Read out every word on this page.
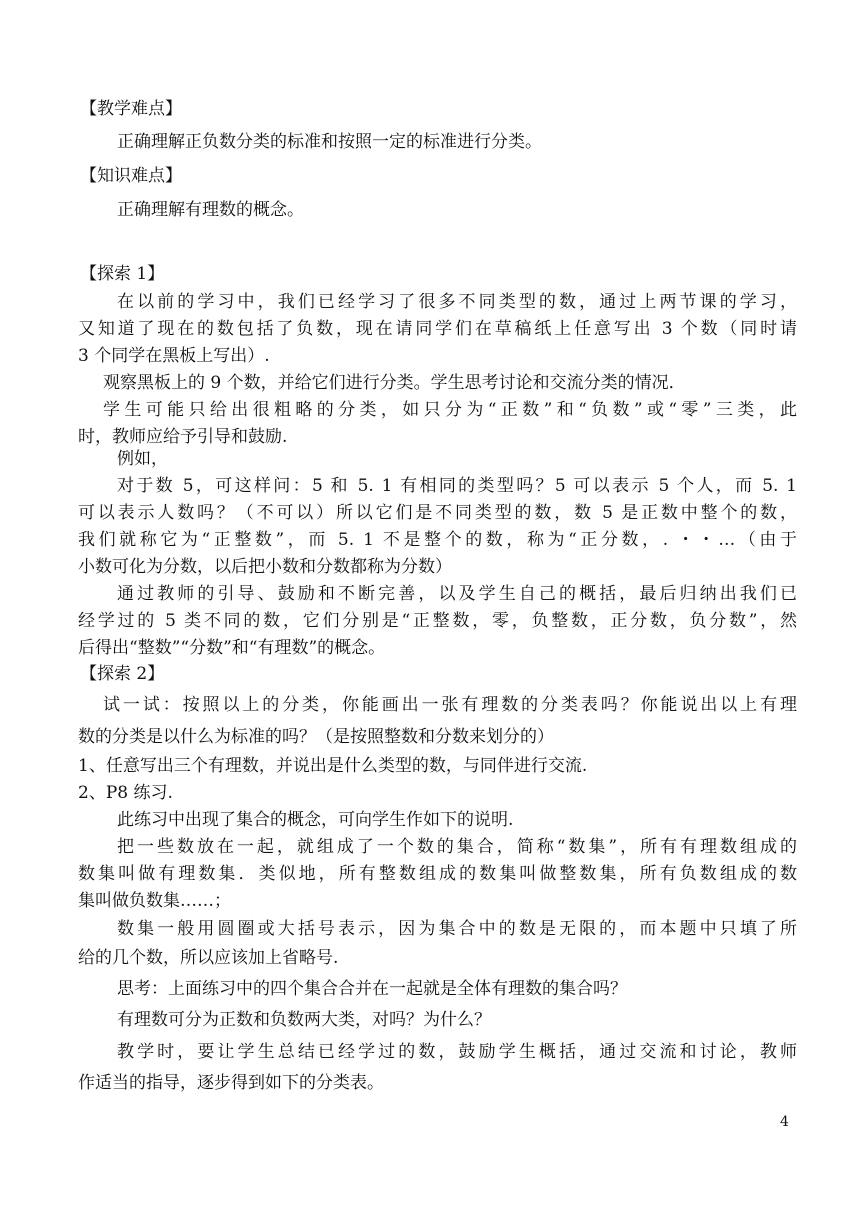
【教学难点】
正确理解正负数分类的标准和按照一定的标准进行分类。
【知识难点】
正确理解有理数的概念。
【探索 1】
在以前的学习中，我们已经学习了很多不同类型的数，通过上两节课的学习，
又知道了现在的数包括了负数，现在请同学们在草稿纸上任意写出 3 个数（同时请
3 个同学在黑板上写出）.
观察黑板上的 9 个数，并给它们进行分类。学生思考讨论和交流分类的情况．
学生可能只给出很粗略的分类，如只分为“正数”和“负数”或“零”三类，此
时，教师应给予引导和鼓励.
例如，
对于数 5，可这样问：5 和 5. 1 有相同的类型吗？5 可以表示 5 个人，而 5. 1
可以表示人数吗？（不可以）所以它们是不同类型的数，数 5 是正数中整个的数，
我们就称它为“正整数”，而 5. 1 不是整个的数，称为“正分数，. ・・…（由于
小数可化为分数，以后把小数和分数都称为分数）
通过教师的引导、鼓励和不断完善，以及学生自己的概括，最后归纳出我们已
经学过的 5 类不同的数，它们分别是“正整数，零，负整数，正分数，负分数”，然
后得出“整数”“分数”和“有理数”的概念。
【探索 2】
试一试：按照以上的分类，你能画出一张有理数的分类表吗？你能说出以上有理
数的分类是以什么为标准的吗？（是按照整数和分数来划分的）
1、任意写出三个有理数，并说出是什么类型的数，与同伴进行交流.
2、P8 练习.
此练习中出现了集合的概念，可向学生作如下的说明.
把一些数放在一起，就组成了一个数的集合，简称“数集”，所有有理数组成的
数集叫做有理数集．类似地，所有整数组成的数集叫做整数集，所有负数组成的数
集叫做负数集……；
数集一般用圆圈或大括号表示，因为集合中的数是无限的，而本题中只填了所
给的几个数，所以应该加上省略号.
思考：上面练习中的四个集合合并在一起就是全体有理数的集合吗？
有理数可分为正数和负数两大类，对吗？为什么？
教学时，要让学生总结已经学过的数，鼓励学生概括，通过交流和讨论，教师
作适当的指导，逐步得到如下的分类表。
4
